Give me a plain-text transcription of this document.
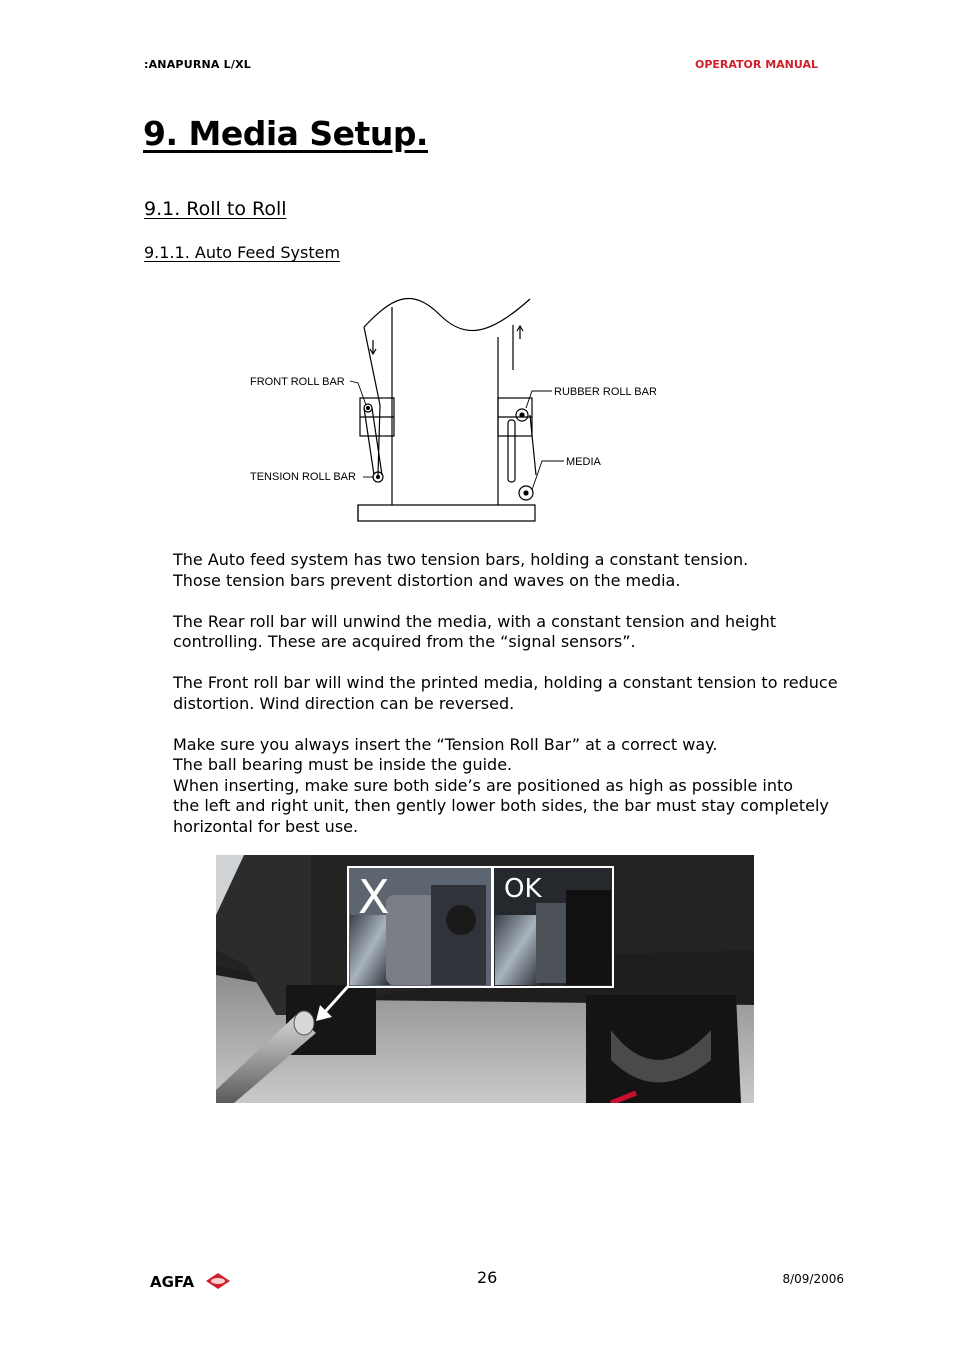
:ANAPURNA L/XL	OPERATOR MANUAL
9. Media Setup.
9.1. Roll to Roll
9.1.1. Auto Feed System
FRONT ROLL BAR
RUBBER ROLL BAR
MEDIA
TENSION ROLL BAR

The Auto feed system has two tension bars, holding a constant tension.
Those tension bars prevent distortion and waves on the media.

The Rear roll bar will unwind the media, with a constant tension and height
controlling. These are acquired from the “signal sensors”.

The Front roll bar will wind the printed media, holding a constant tension to reduce
distortion. Wind direction can be reversed.

Make sure you always insert the “Tension Roll Bar” at a correct way.
The ball bearing must be inside the guide.
When inserting, make sure both side’s are positioned as high as possible into
the left and right unit, then gently lower both sides, the bar must stay completely
horizontal for best use.

X	OK
AGFA	26	8/09/2006
